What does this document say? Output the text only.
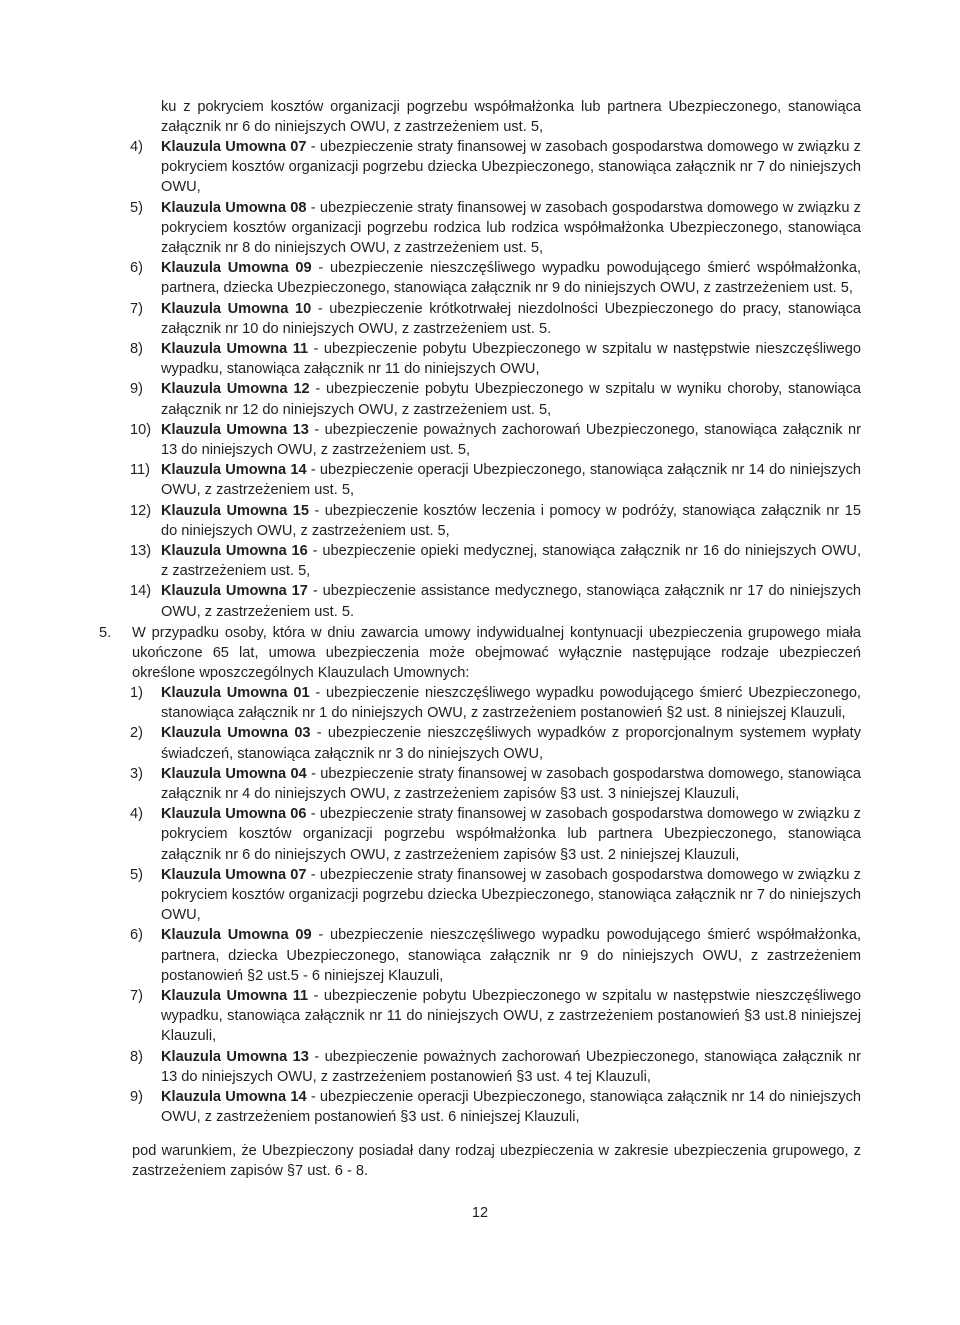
ku z pokryciem kosztów organizacji pogrzebu współmałżonka lub partnera Ubezpieczonego, stanowiąca załącznik nr 6 do niniejszych OWU, z zastrzeżeniem ust. 5,
4) Klauzula Umowna 07 - ubezpieczenie straty finansowej w zasobach gospodarstwa domowego w związku z pokryciem kosztów organizacji pogrzebu dziecka Ubezpieczonego, stanowiąca załącznik nr 7 do niniejszych OWU,
5) Klauzula Umowna 08 - ubezpieczenie straty finansowej w zasobach gospodarstwa domowego w związku z pokryciem kosztów organizacji pogrzebu rodzica lub rodzica współmałżonka Ubezpieczonego, stanowiąca załącznik nr 8 do niniejszych OWU, z zastrzeżeniem ust. 5,
6) Klauzula Umowna 09 - ubezpieczenie nieszczęśliwego wypadku powodującego śmierć współmałżonka, partnera, dziecka Ubezpieczonego, stanowiąca załącznik nr 9 do niniejszych OWU, z zastrzeżeniem ust. 5,
7) Klauzula Umowna 10 - ubezpieczenie krótkotrwałej niezdolności Ubezpieczonego do pracy, stanowiąca załącznik nr 10 do niniejszych OWU, z zastrzeżeniem ust. 5.
8) Klauzula Umowna 11 - ubezpieczenie pobytu Ubezpieczonego w szpitalu w następstwie nieszczęśliwego wypadku, stanowiąca załącznik nr 11 do niniejszych OWU,
9) Klauzula Umowna 12 - ubezpieczenie pobytu Ubezpieczonego w szpitalu w wyniku choroby, stanowiąca załącznik nr 12 do niniejszych OWU, z zastrzeżeniem ust. 5,
10) Klauzula Umowna 13 - ubezpieczenie poważnych zachorowań Ubezpieczonego, stanowiąca załącznik nr 13 do niniejszych OWU, z zastrzeżeniem ust. 5,
11) Klauzula Umowna 14 - ubezpieczenie operacji Ubezpieczonego, stanowiąca załącznik nr 14 do niniejszych OWU, z zastrzeżeniem ust. 5,
12) Klauzula Umowna 15 - ubezpieczenie kosztów leczenia i pomocy w podróży, stanowiąca załącznik nr 15 do niniejszych OWU, z zastrzeżeniem ust. 5,
13) Klauzula Umowna 16 - ubezpieczenie opieki medycznej, stanowiąca załącznik nr 16 do niniejszych OWU, z zastrzeżeniem ust. 5,
14) Klauzula Umowna 17 - ubezpieczenie assistance medycznego, stanowiąca załącznik nr 17 do niniejszych OWU, z zastrzeżeniem ust. 5.
5. W przypadku osoby, która w dniu zawarcia umowy indywidualnej kontynuacji ubezpieczenia grupowego miała ukończone 65 lat, umowa ubezpieczenia może obejmować wyłącznie następujące rodzaje ubezpieczeń określone wposzczególnych Klauzulach Umownych:
1) Klauzula Umowna 01 - ubezpieczenie nieszczęśliwego wypadku powodującego śmierć Ubezpieczonego, stanowiąca załącznik nr 1 do niniejszych OWU, z zastrzeżeniem postanowień §2 ust. 8 niniejszej Klauzuli,
2) Klauzula Umowna 03 - ubezpieczenie nieszczęśliwych wypadków z proporcjonalnym systemem wypłaty świadczeń, stanowiąca załącznik nr 3 do niniejszych OWU,
3) Klauzula Umowna 04 - ubezpieczenie straty finansowej w zasobach gospodarstwa domowego, stanowiąca załącznik nr 4 do niniejszych OWU, z zastrzeżeniem zapisów §3 ust. 3 niniejszej Klauzuli,
4) Klauzula Umowna 06 - ubezpieczenie straty finansowej w zasobach gospodarstwa domowego w związku z pokryciem kosztów organizacji pogrzebu współmałżonka lub partnera Ubezpieczonego, stanowiąca załącznik nr 6 do niniejszych OWU, z zastrzeżeniem zapisów §3 ust. 2 niniejszej Klauzuli,
5) Klauzula Umowna 07 - ubezpieczenie straty finansowej w zasobach gospodarstwa domowego w związku z pokryciem kosztów organizacji pogrzebu dziecka Ubezpieczonego, stanowiąca załącznik nr 7 do niniejszych OWU,
6) Klauzula Umowna 09 - ubezpieczenie nieszczęśliwego wypadku powodującego śmierć współmałżonka, partnera, dziecka Ubezpieczonego, stanowiąca załącznik nr 9 do niniejszych OWU, z zastrzeżeniem postanowień §2 ust.5 - 6 niniejszej Klauzuli,
7) Klauzula Umowna 11 - ubezpieczenie pobytu Ubezpieczonego w szpitalu w następstwie nieszczęśliwego wypadku, stanowiąca załącznik nr 11 do niniejszych OWU, z zastrzeżeniem postanowień §3 ust.8 niniejszej Klauzuli,
8) Klauzula Umowna 13 - ubezpieczenie poważnych zachorowań Ubezpieczonego, stanowiąca załącznik nr 13 do niniejszych OWU, z zastrzeżeniem postanowień §3 ust. 4 tej Klauzuli,
9) Klauzula Umowna 14 - ubezpieczenie operacji Ubezpieczonego, stanowiąca załącznik nr 14 do niniejszych OWU, z zastrzeżeniem postanowień §3 ust. 6 niniejszej Klauzuli,
pod warunkiem, że Ubezpieczony posiadał dany rodzaj ubezpieczenia w zakresie ubezpieczenia grupowego, z zastrzeżeniem zapisów §7 ust. 6 - 8.
12
